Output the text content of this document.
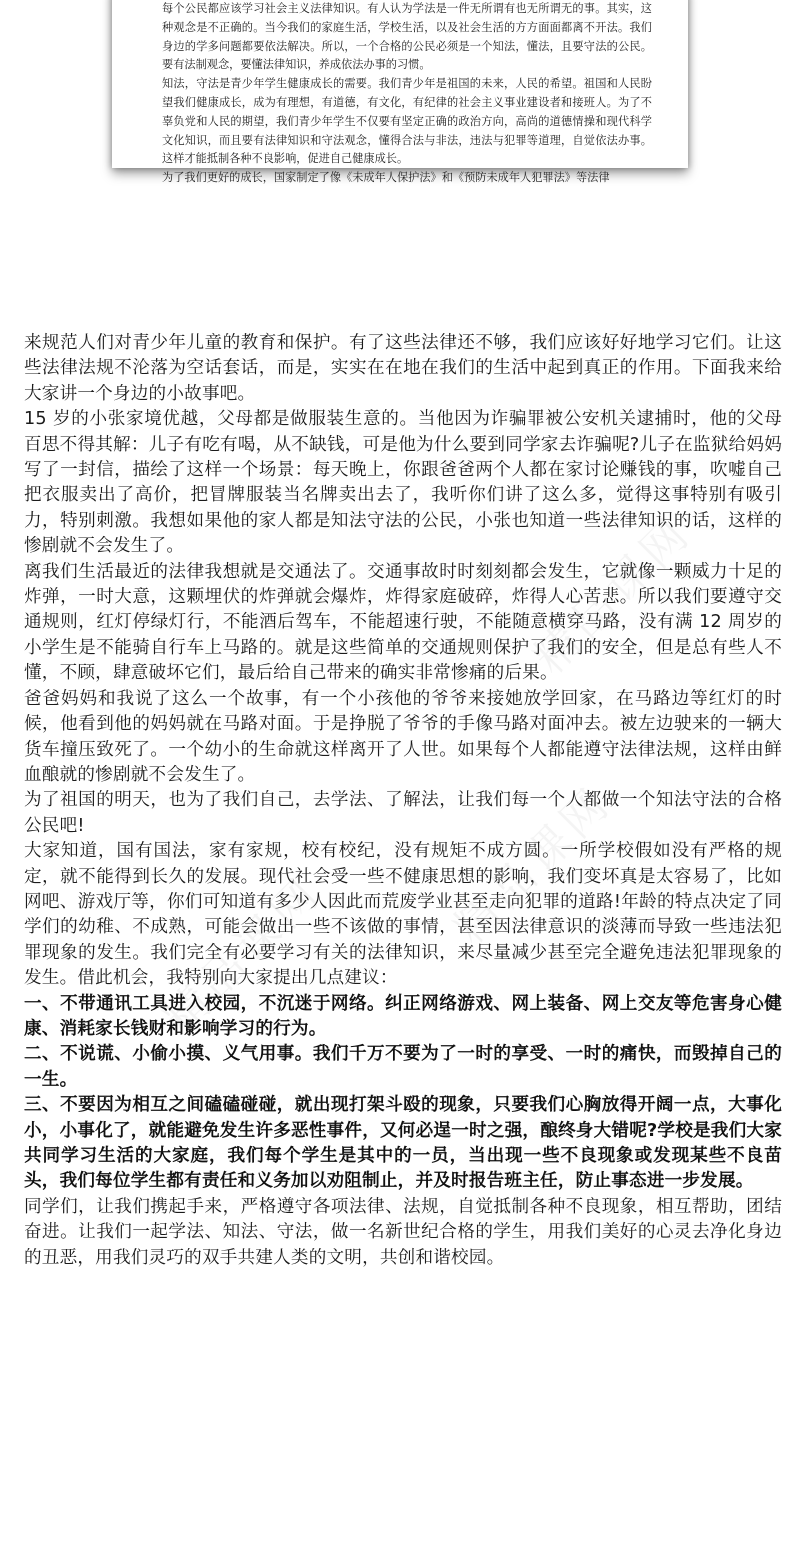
每个公民都应该学习社会主义法律知识。有人认为学法是一件无所谓有也无所谓无的事。其实，这种观念是不正确的。当今我们的家庭生活，学校生活，以及社会生活的方方面面都离不开法。我们身边的学多问题都要依法解决。所以，一个合格的公民必须是一个知法，懂法，且要守法的公民。要有法制观念，要懂法律知识，养成依法办事的习惯。

知法，守法是青少年学生健康成长的需要。我们青少年是祖国的未来，人民的希望。祖国和人民盼望我们健康成长，成为有理想，有道德，有文化，有纪律的社会主义事业建设者和接班人。为了不辜负党和人民的期望，我们青少年学生不仅要有坚定正确的政治方向，高尚的道德情操和现代科学文化知识，而且要有法律知识和守法观念，懂得合法与非法，违法与犯罪等道理，自觉依法办事。这样才能抵制各种不良影响，促进自己健康成长。

为了我们更好的成长，国家制定了像《未成年人保护法》和《预防未成年人犯罪法》等法律

来规范人们对青少年儿童的教育和保护。有了这些法律还不够，我们应该好好地学习它们。让这些法律法规不沦落为空话套话，而是，实实在在地在我们的生活中起到真正的作用。下面我来给大家讲一个身边的小故事吧。

15 岁的小张家境优越，父母都是做服装生意的。当他因为诈骗罪被公安机关逮捕时，他的父母百思不得其解：儿子有吃有喝，从不缺钱，可是他为什么要到同学家去诈骗呢?儿子在监狱给妈妈写了一封信，描绘了这样一个场景：每天晚上，你跟爸爸两个人都在家讨论赚钱的事，吹嘘自己把衣服卖出了高价，把冒牌服装当名牌卖出去了，我听你们讲了这么多，觉得这事特别有吸引力，特别刺激。我想如果他的家人都是知法守法的公民，小张也知道一些法律知识的话，这样的惨剧就不会发生了。

离我们生活最近的法律我想就是交通法了。交通事故时时刻刻都会发生，它就像一颗威力十足的炸弹，一时大意，这颗埋伏的炸弹就会爆炸，炸得家庭破碎，炸得人心苦悲。所以我们要遵守交通规则，红灯停绿灯行，不能酒后驾车，不能超速行驶，不能随意横穿马路，没有满 12 周岁的小学生是不能骑自行车上马路的。就是这些简单的交通规则保护了我们的安全，但是总有些人不懂，不顾，肆意破坏它们，最后给自己带来的确实非常惨痛的后果。

爸爸妈妈和我说了这么一个故事，有一个小孩他的爷爷来接她放学回家，在马路边等红灯的时候，他看到他的妈妈就在马路对面。于是挣脱了爷爷的手像马路对面冲去。被左边驶来的一辆大货车撞压致死了。一个幼小的生命就这样离开了人世。如果每个人都能遵守法律法规，这样由鲜血酿就的惨剧就不会发生了。

为了祖国的明天，也为了我们自己，去学法、了解法，让我们每一个人都做一个知法守法的合格公民吧!

大家知道，国有国法，家有家规，校有校纪，没有规矩不成方圆。一所学校假如没有严格的规定，就不能得到长久的发展。现代社会受一些不健康思想的影响，我们变坏真是太容易了，比如网吧、游戏厅等，你们可知道有多少人因此而荒废学业甚至走向犯罪的道路!年龄的特点决定了同学们的幼稚、不成熟，可能会做出一些不该做的事情，甚至因法律意识的淡薄而导致一些违法犯罪现象的发生。我们完全有必要学习有关的法律知识，来尽量减少甚至完全避免违法犯罪现象的发生。借此机会，我特别向大家提出几点建议：

一、不带通讯工具进入校园，不沉迷于网络。纠正网络游戏、网上装备、网上交友等危害身心健康、消耗家长钱财和影响学习的行为。

二、不说谎、小偷小摸、义气用事。我们千万不要为了一时的享受、一时的痛快，而毁掉自己的一生。

三、不要因为相互之间磕磕碰碰，就出现打架斗殴的现象，只要我们心胸放得开阔一点，大事化小，小事化了，就能避免发生许多恶性事件，又何必逞一时之强，酿终身大错呢?学校是我们大家共同学习生活的大家庭，我们每个学生是其中的一员，当出现一些不良现象或发现某些不良苗头，我们每位学生都有责任和义务加以劝阻制止，并及时报告班主任，防止事态进一步发展。

同学们，让我们携起手来，严格遵守各项法律、法规，自觉抵制各种不良现象，相互帮助，团结奋进。让我们一起学法、知法、守法，做一名新世纪合格的学生，用我们美好的心灵去净化身边的丑恶，用我们灵巧的双手共建人类的文明，共创和谐校园。
